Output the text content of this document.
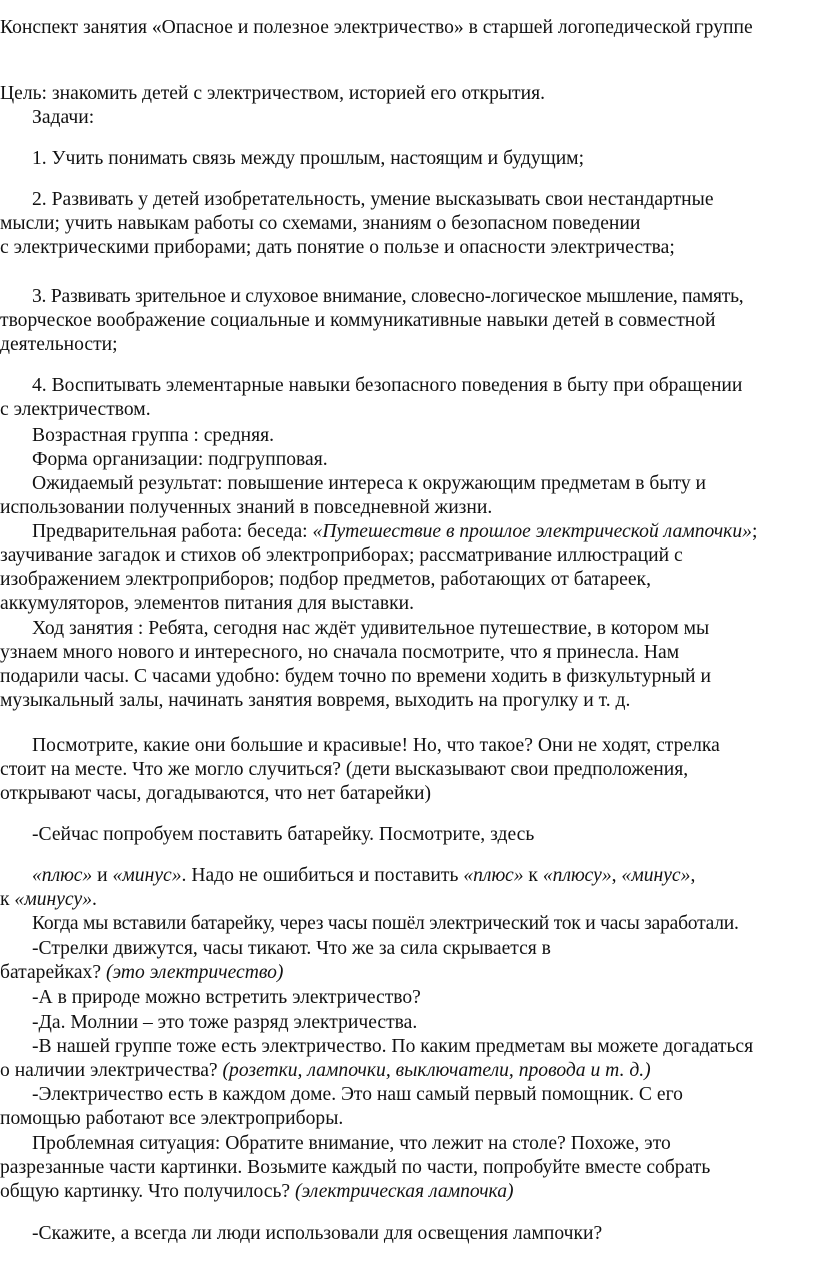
Конспект занятия «Опасное и полезное электричество» в старшей логопедической группе

Цель: знакомить детей с электричеством, историей его открытия.

Задачи:

1. Учить понимать связь между прошлым, настоящим и будущим;

2. Развивать у детей изобретательность, умение высказывать свои нестандартные

мысли; учить навыкам работы со схемами, знаниям о безопасном поведении

с электрическими приборами; дать понятие о пользе и опасности электричества;

3. Развивать зрительное и слуховое внимание, словесно-логическое мышление, память,

творческое воображение социальные и коммуникативные навыки детей в совместной

деятельности;

4. Воспитывать элементарные навыки безопасного поведения в быту при обращении

с электричеством.

Возрастная группа : средняя.

Форма организации: подгрупповая.

Ожидаемый результат: повышение интереса к окружающим предметам в быту и

использовании полученных знаний в повседневной жизни.

Предварительная работа: беседа: «Путешествие в прошлое электрической лампочки»;

заучивание загадок и стихов об электроприборах; рассматривание иллюстраций с

изображением электроприборов; подбор предметов, работающих от батареек,

аккумуляторов, элементов питания для выставки.

Ход занятия : Ребята, сегодня нас ждёт удивительное путешествие, в котором мы

узнаем много нового и интересного, но сначала посмотрите, что я принесла. Нам

подарили часы. С часами удобно: будем точно по времени ходить в физкультурный и

музыкальный залы, начинать занятия вовремя, выходить на прогулку и т. д.

Посмотрите, какие они большие и красивые! Но, что такое? Они не ходят, стрелка

стоит на месте. Что же могло случиться? (дети высказывают свои предположения,

открывают часы, догадываются, что нет батарейки)

-Сейчас попробуем поставить батарейку. Посмотрите, здесь

«плюс» и «минус». Надо не ошибиться и поставить «плюс» к «плюсу», «минус»,

к «минусу».

Когда мы вставили батарейку, через часы пошёл электрический ток и часы заработали.

-Стрелки движутся, часы тикают. Что же за сила скрывается в

батарейках? (это электричество)

-А в природе можно встретить электричество?

-Да. Молнии – это тоже разряд электричества.

-В нашей группе тоже есть электричество. По каким предметам вы можете догадаться

о наличии электричества? (розетки, лампочки, выключатели, провода и т. д.)

-Электричество есть в каждом доме. Это наш самый первый помощник. С его

помощью работают все электроприборы.

Проблемная ситуация: Обратите внимание, что лежит на столе? Похоже, это

разрезанные части картинки. Возьмите каждый по части, попробуйте вместе собрать

общую картинку. Что получилось? (электрическая лампочка)

-Скажите, а всегда ли люди использовали для освещения лампочки?
